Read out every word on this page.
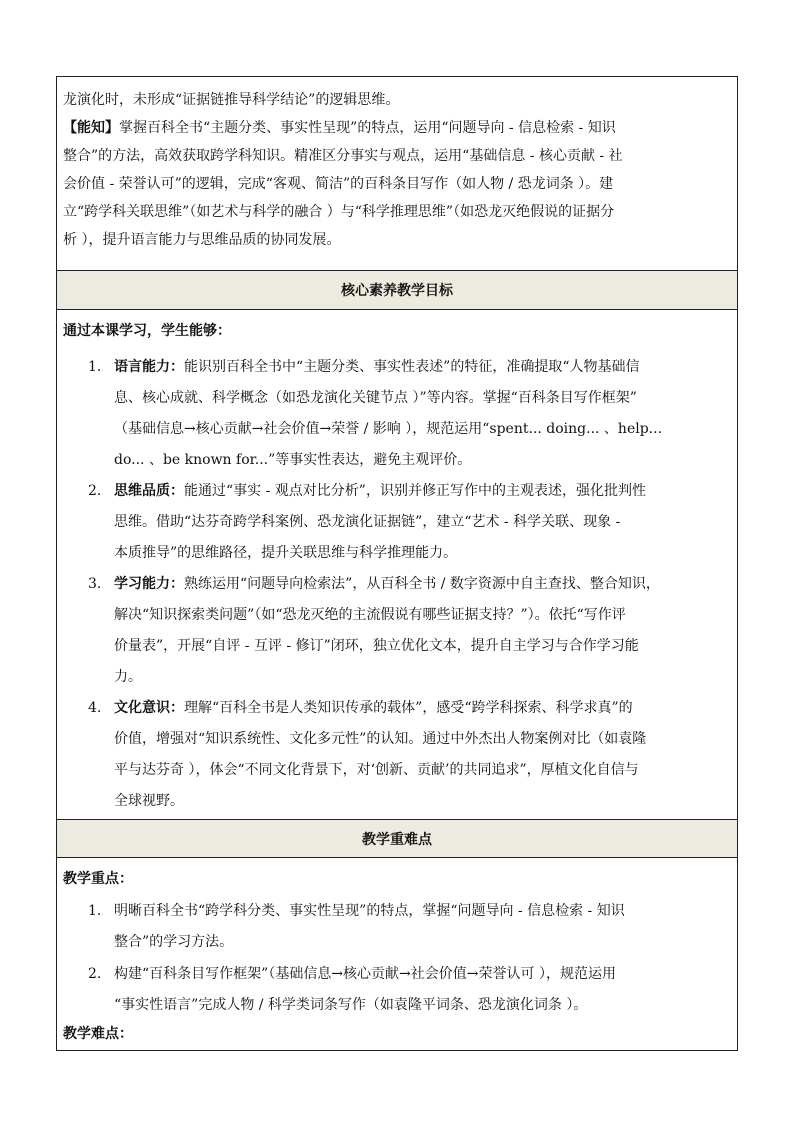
龙演化时，未形成“证据链推导科学结论”的逻辑思维。
【能知】掌握百科全书“主题分类、事实性呈现”的特点，运用“问题导向 - 信息检索 - 知识
整合”的方法，高效获取跨学科知识。精准区分事实与观点，运用“基础信息 - 核心贡献 - 社
会价值 - 荣誉认可”的逻辑，完成“客观、简洁”的百科条目写作（如人物 / 恐龙词条 ）。建
立“跨学科关联思维”（如艺术与科学的融合 ）与“科学推理思维”（如恐龙灭绝假说的证据分
析 ），提升语言能力与思维品质的协同发展。
核心素养教学目标
通过本课学习，学生能够：
1. 语言能力：能识别百科全书中“主题分类、事实性表述”的特征，准确提取“人物基础信
息、核心成就、科学概念（如恐龙演化关键节点 ）”等内容。掌握“百科条目写作框架”
（基础信息→核心贡献→社会价值→荣誉 / 影响 ），规范运用“spent... doing... 、help...
do... 、be known for...”等事实性表达，避免主观评价。
2. 思维品质：能通过“事实 - 观点对比分析”，识别并修正写作中的主观表述，强化批判性
思维。借助“达芬奇跨学科案例、恐龙演化证据链”，建立“艺术 - 科学关联、现象 -
本质推导”的思维路径，提升关联思维与科学推理能力。
3. 学习能力：熟练运用“问题导向检索法”，从百科全书 / 数字资源中自主查找、整合知识，
解决“知识探索类问题”（如“恐龙灭绝的主流假说有哪些证据支持？”）。依托“写作评
价量表”，开展“自评 - 互评 - 修订”闭环，独立优化文本，提升自主学习与合作学习能
力。
4. 文化意识：理解“百科全书是人类知识传承的载体”，感受“跨学科探索、科学求真”的
价值，增强对“知识系统性、文化多元性”的认知。通过中外杰出人物案例对比（如袁隆
平与达芬奇 ），体会“不同文化背景下，对‘创新、贡献’的共同追求”，厚植文化自信与
全球视野。
教学重难点
教学重点：
1. 明晰百科全书“跨学科分类、事实性呈现”的特点，掌握“问题导向 - 信息检索 - 知识
整合”的学习方法。
2. 构建“百科条目写作框架”（基础信息→核心贡献→社会价值→荣誉认可 ），规范运用
“事实性语言”完成人物 / 科学类词条写作（如袁隆平词条、恐龙演化词条 ）。
教学难点：
